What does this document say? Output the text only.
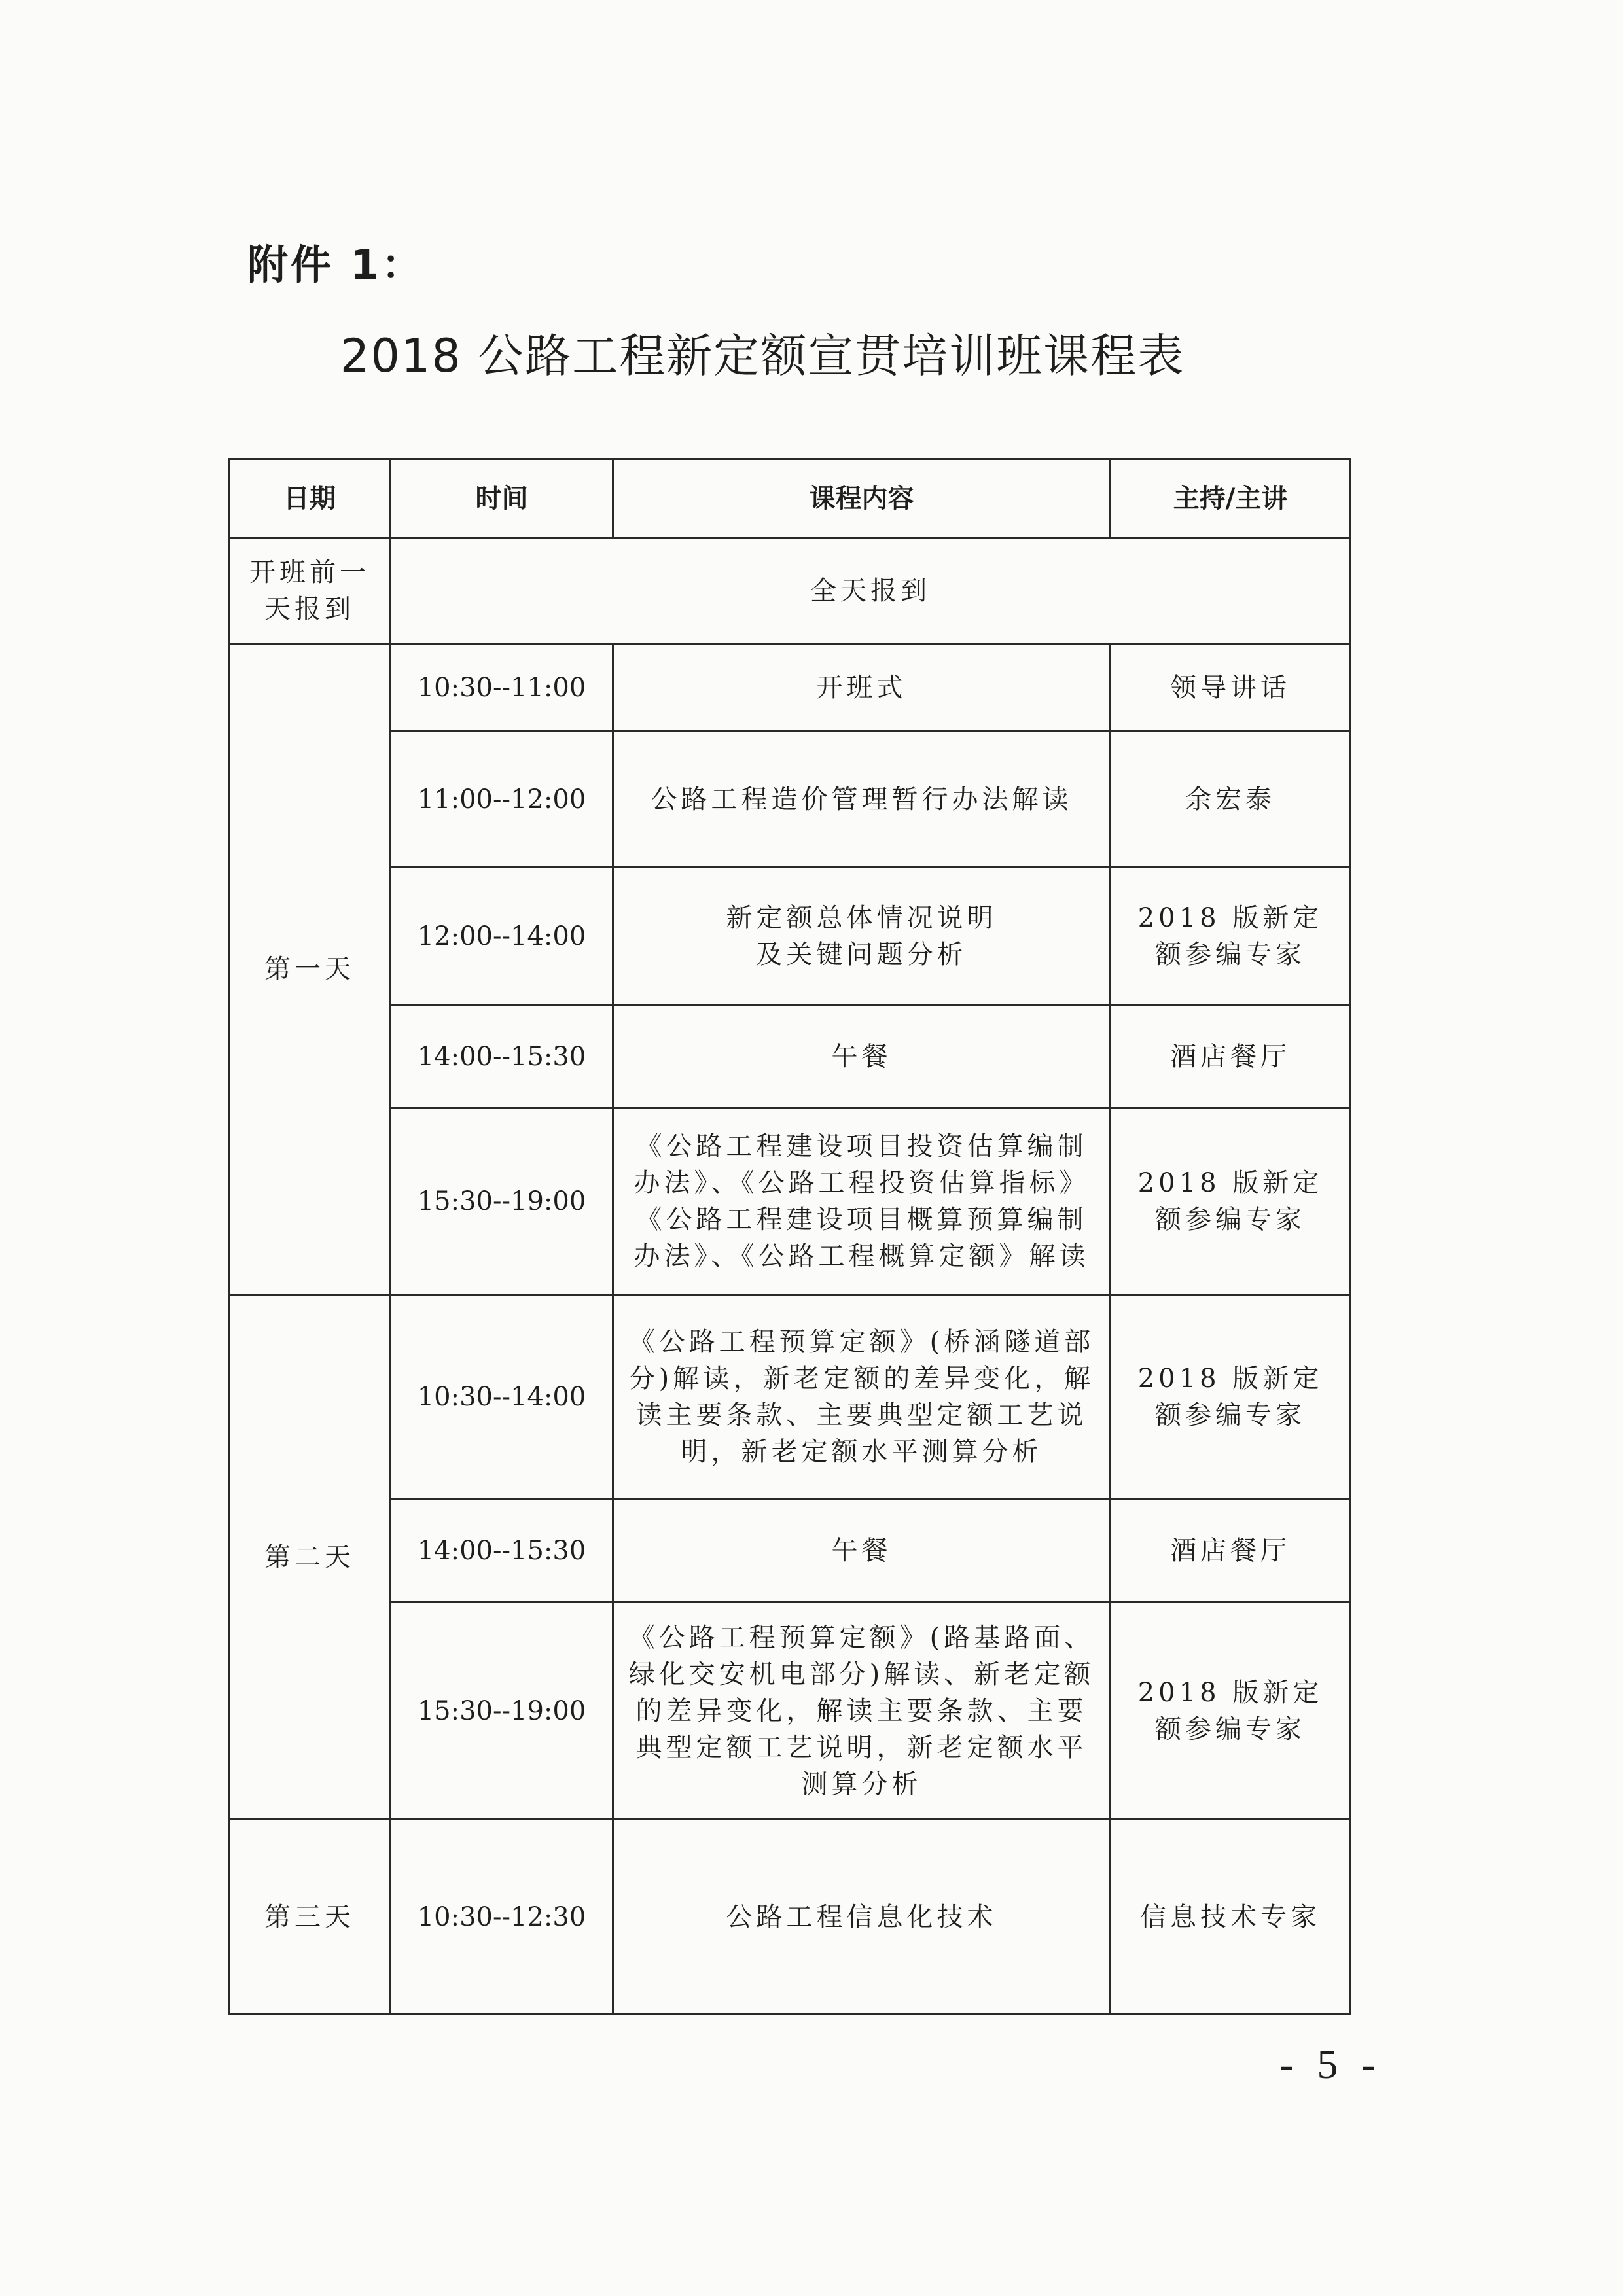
附件 1：
2018 公路工程新定额宣贯培训班课程表
日期	时间	课程内容	主持/主讲
开班前一天报到	全天报到		
第一天	10:30--11:00	开班式	领导讲话
	11:00--12:00	公路工程造价管理暂行办法解读	余宏泰
	12:00--14:00	新定额总体情况说明及关键问题分析	2018 版新定额参编专家
	14:00--15:30	午餐	酒店餐厅
	15:30--19:00	《公路工程建设项目投资估算编制办法》、《公路工程投资估算指标》《公路工程建设项目概算预算编制办法》、《公路工程概算定额》解读	2018 版新定额参编专家
第二天	10:30--14:00	《公路工程预算定额》(桥涵隧道部分)解读，新老定额的差异变化，解读主要条款、主要典型定额工艺说明，新老定额水平测算分析	2018 版新定额参编专家
	14:00--15:30	午餐	酒店餐厅
	15:30--19:00	《公路工程预算定额》(路基路面、绿化交安机电部分)解读、新老定额的差异变化，解读主要条款、主要典型定额工艺说明，新老定额水平测算分析	2018 版新定额参编专家
第三天	10:30--12:30	公路工程信息化技术	信息技术专家
- 5 -
